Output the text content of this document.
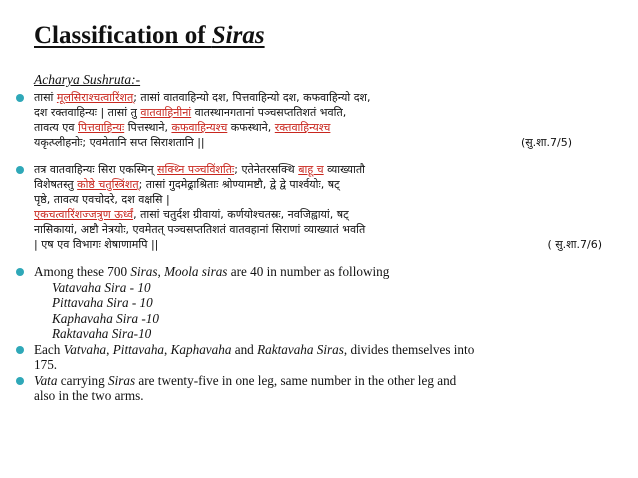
Classification of Siras
Acharya Sushruta:-
तासां मूलसिराश्चत्वारिंशत्; तासां वातवाहिन्यो दश, पित्तवाहिन्यो दश, कफवाहिन्यो दश,
दश रक्तवाहिन्यः | तासां तु वातवाहिनीनां वातस्थानगतानां पञ्चसप्ततिशतं भवति,
तावत्य एव पित्तवाहिन्यः पित्तस्थाने, कफवाहिन्यश्च कफस्थाने, रक्तवाहिन्यश्च
यकृत्प्लीहनोः; एवमेतानि सप्त सिराशतानि ||	(सु.शा.7/5)
तत्र वातवाहिन्यः सिरा एकस्मिन् सक्थ्नि पञ्चविंशतिः; एतेनेतरसक्थि बाहू च व्याख्यातौ
विशेषतस्तु कोष्ठे चतुस्त्रिंशत्; तासां गुदमेढ्राश्रिताः श्रोण्यामष्टौ, द्वे द्वे पार्श्वयोः, षट्
पृष्ठे, तावत्य एवचोदरे, दश वक्षसि |
एकचत्वारिंशज्जत्रुण ऊर्ध्वं, तासां चतुर्दश ग्रीवायां, कर्णयोश्चतस्रः, नवजिह्वायां, षट्
नासिकायां, अष्टौ नेत्रयोः, एवमेतत् पञ्चसप्ततिशतं वातवहानां सिराणां व्याख्यातं भवति
| एष एव विभागः शेषाणामपि ||	( सु.शा.7/6)
Among these 700 Siras, Moola siras are 40 in number as following
Vatavaha Sira - 10
Pittavaha Sira - 10
Kaphavaha Sira -10
Raktavaha Sira-10
Each Vatvaha, Pittavaha, Kaphavaha and Raktavaha Siras, divides themselves into
175.
Vata carrying Siras are twenty-five in one leg, same number in the other leg and
also in the two arms.
